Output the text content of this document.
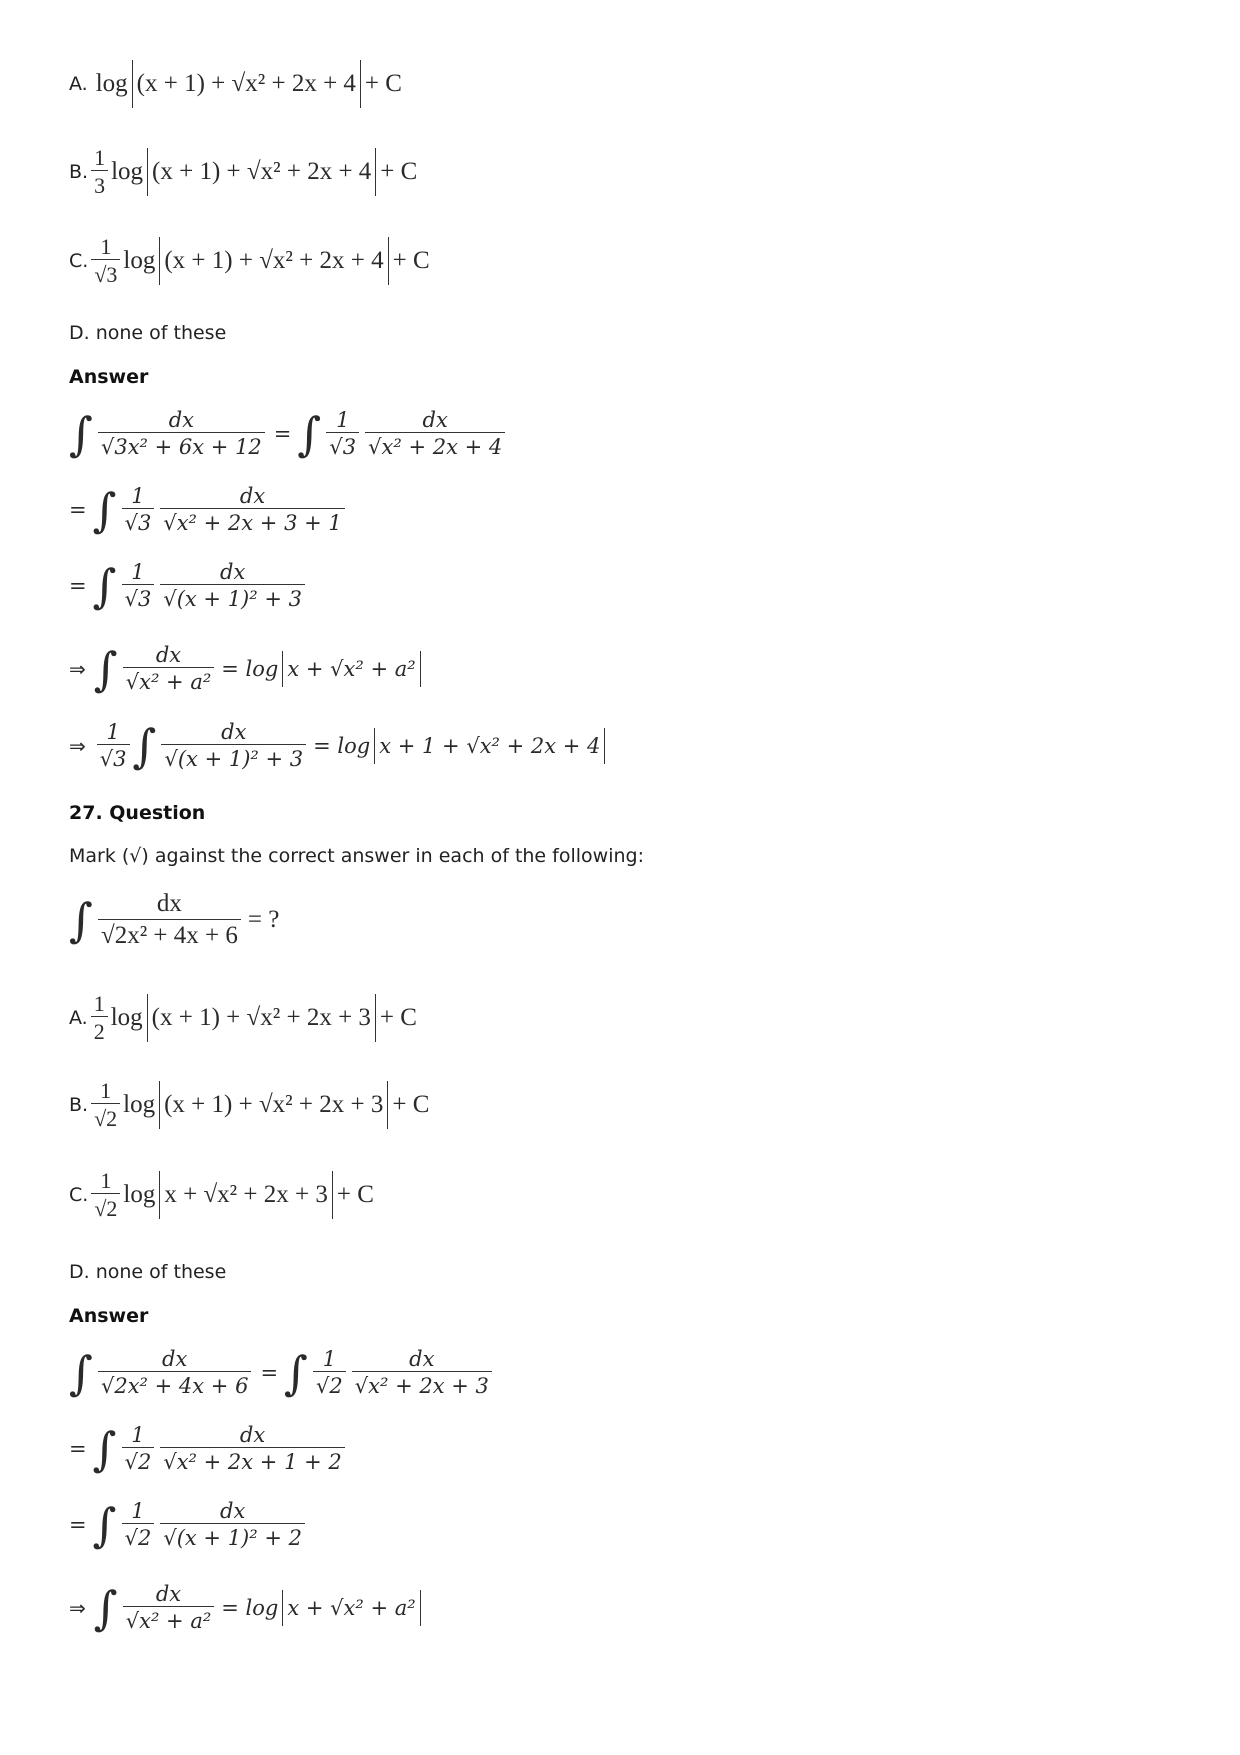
A. log (x + 1) + √x² + 2x + 4 + C
B. $\frac{1}{3}$ log (x + 1) + √x² + 2x + 4 + C
C. $\frac{1}{√3}$ log (x + 1) + √x² + 2x + 4 + C
D. none of these
Answer
∫ $\frac{dx}{\text{√3x² + 6x + 12}}$ = ∫ $\frac{1}{√3} \frac{dx}{\text{√x² + 2x + 4}}$
= ∫ $\frac{1}{√3} \frac{dx}{\text{√x² + 2x + 3 + 1}}$
= ∫ $\frac{1}{√3} \frac{dx}{\text{√(x + 1)² + 3}}$
⇒ ∫ $\frac{dx}{\text{√x² + a²}} = \log x + √x^2 + a^2$
⇒ $\frac{1}{√3}$ ∫ $\frac{dx}{\text{√(x + 1)² + 3}} = \log x + 1 + √x^2 + 2x + 4$
27. Question
Mark (√) against the correct answer in each of the following:
∫ $\frac{dx}{\text{√2x² + 4x + 6}}$ = ?
A. $\frac{1}{2}$ log (x + 1) + √x² + 2x + 3 + C
B. $\frac{1}{√2}$ log (x + 1) + √x² + 2x + 3 + C
C. $\frac{1}{√2}$ log x + √x² + 2x + 3 + C
D. none of these
Answer
∫ $\frac{dx}{\text{√2x² + 4x + 6}}$ = ∫ $\frac{1}{√2} \frac{dx}{\text{√x² + 2x + 3}}$
= ∫ $\frac{1}{√2} \frac{dx}{\text{√x² + 2x + 1 + 2}}$
= ∫ $\frac{1}{√2} \frac{dx}{\text{√(x + 1)² + 2}}$
⇒ ∫ $\frac{dx}{\text{√x² + a²}} = \log x + √x^2 + a^2$
